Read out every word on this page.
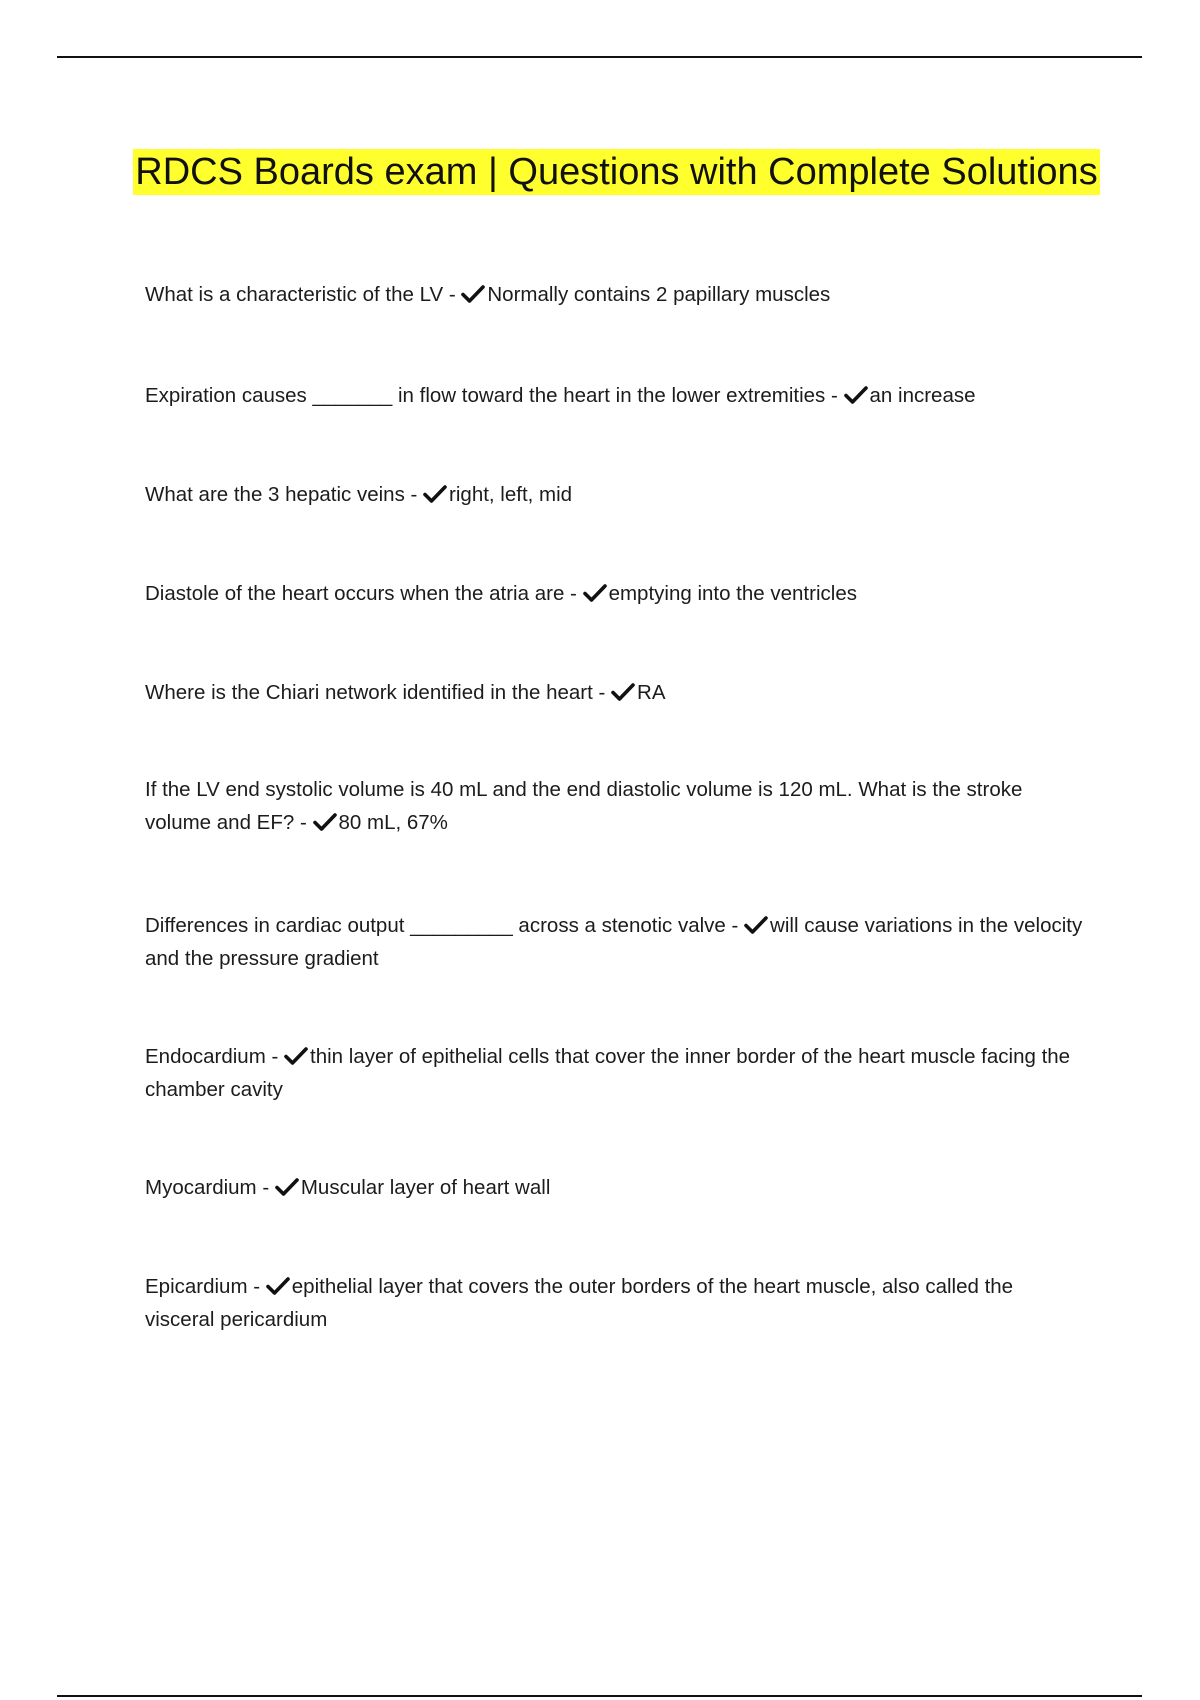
RDCS Boards exam | Questions with Complete Solutions
What is a characteristic of the LV -
Normally contains 2 papillary muscles
Expiration causes _______ in flow toward the heart in the lower extremities -
an increase
What are the 3 hepatic veins -
right, left, mid
Diastole of the heart occurs when the atria are -
emptying into the ventricles
Where is the Chiari network identified in the heart -
RA
If the LV end systolic volume is 40 mL and the end diastolic volume is 120 mL. What is the stroke volume and EF? -
80 mL, 67%
Differences in cardiac output _________ across a stenotic valve -
will cause variations in the velocity and the pressure gradient
Endocardium -
thin layer of epithelial cells that cover the inner border of the heart muscle facing the chamber cavity
Myocardium -
Muscular layer of heart wall
Epicardium -
epithelial layer that covers the outer borders of the heart muscle, also called the visceral pericardium
